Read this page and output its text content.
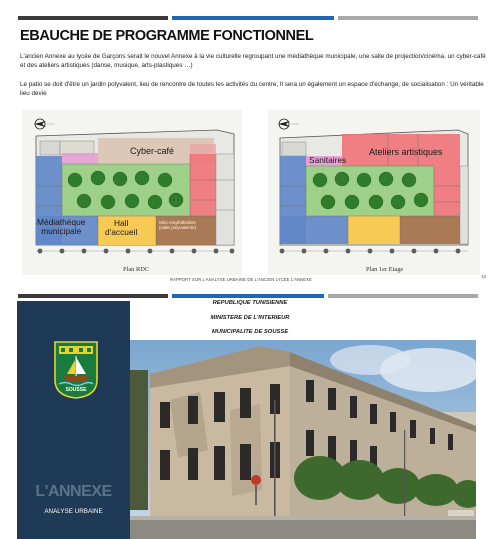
EBAUCHE DE PROGRAMME FONCTIONNEL
L'ancien Annexe au lycée de Garçons serait le nouvel Annexe à la vie culturelle regroupant une médiathèque municipale, une salle de projection/cinéma, un cyber-café et des ateliers artistiques (danse, musique, arts-plastiques …)
Le patio se doit d'être un jardin polyvalent, lieu de rencontre de toutes les activités du centre, Il sera un également un espace d'échange, de socialisation : Un véritable lieu devie
Cyber-café
Médiathèque
municipale
Hall
d'accueil
Mini Amphithéâtre
(salle polyvalente)
Plan RDC
Sanitaires
Ateliers artistiques
Plan 1er Etage
RAPPORT SUR L'ANALYSE URBAINE DE L'ANCIEN LYCÉE L'ANNEXE
15
SOUSSE
L'ANNEXE
ANALYSE URBAINE
REPUBLIQUE TUNISIENNE
MINISTERE DE L'INTERIEUR
MUNICIPALITE DE SOUSSE
